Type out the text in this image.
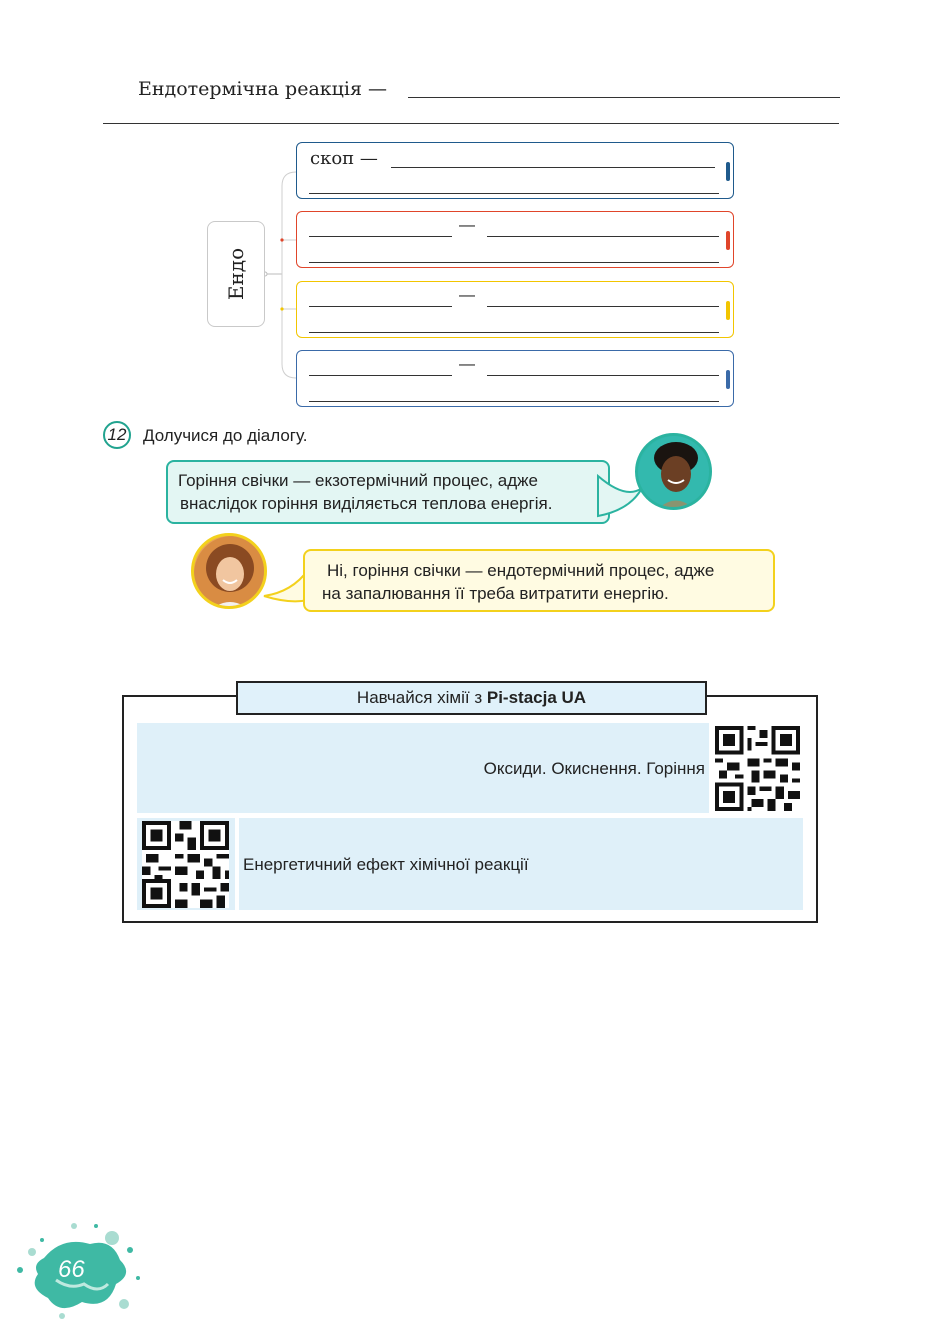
Ендотермічна реакція —
Ендо
скоп —
—
—
—
12 Долучися до діалогу.
Горіння свічки — екзотермічний процес, адже
внаслідок горіння виділяється теплова енергія.
Ні, горіння свічки — ендотермічний процес, адже
на запалювання її треба витратити енергію.
Навчайся хімії з Pi-stacja UA
Оксиди. Окиснення. Горіння
Енергетичний ефект хімічної реакції
66
